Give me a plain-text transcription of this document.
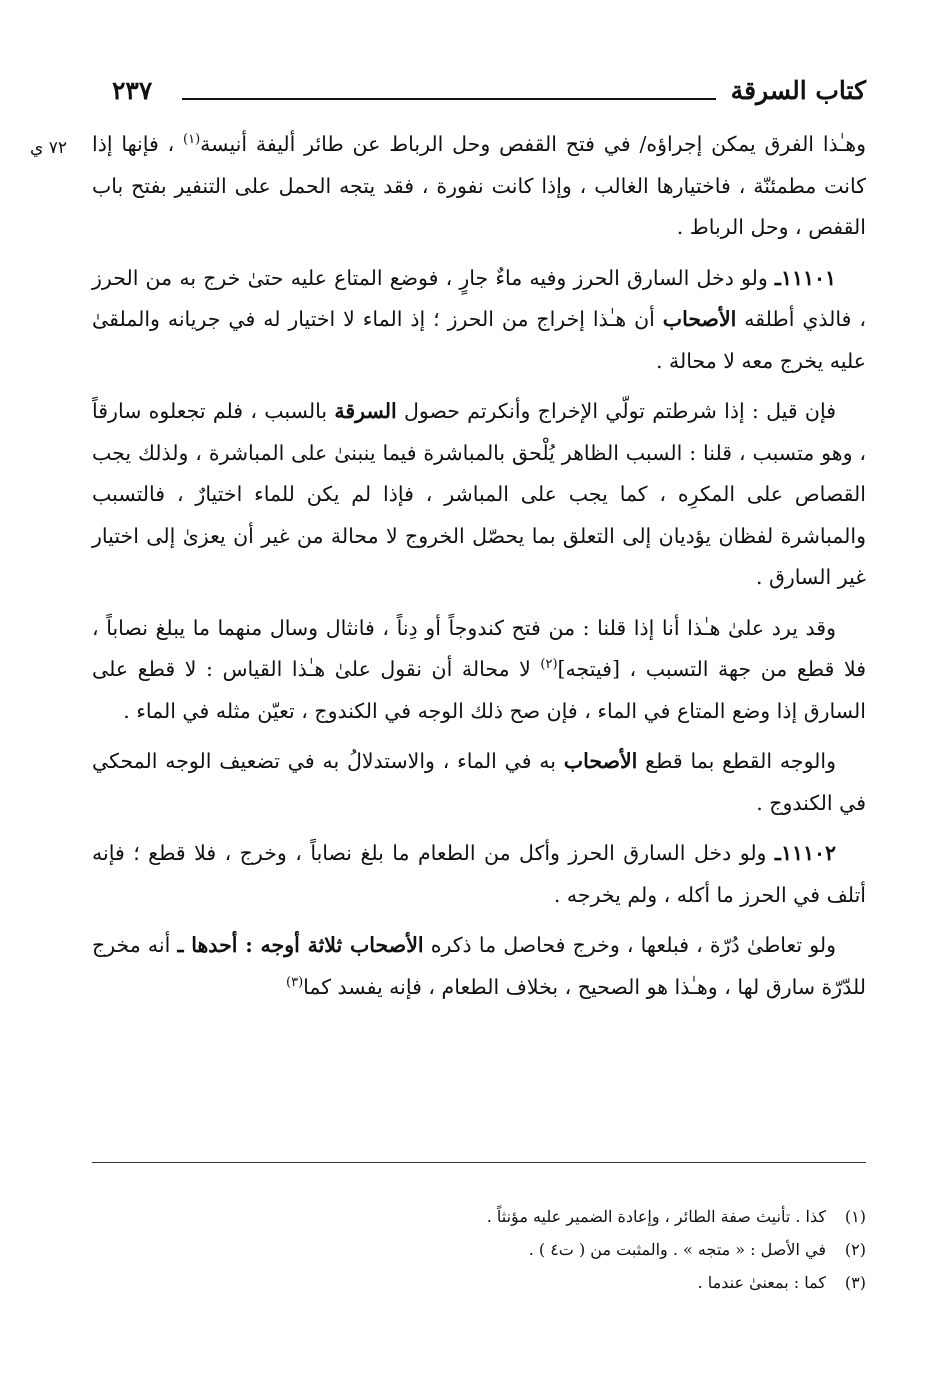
كتاب السرقة
٢٣٧
٧٢ ي	وهـٰذا الفرق يمكن إجراؤه/ في فتح القفص وحل الرباط عن طائر أليفة أنيسة$^{(١)}$ ، فإنها إذا كانت مطمئنّة ، فاختيارها الغالب ، وإذا كانت نفورة ، فقد يتجه الحمل على التنفير بفتح باب القفص ، وحل الرباط .

١١١٠١ـ ولو دخل السارق الحرز وفيه ماءٌ جارٍ ، فوضع المتاع عليه حتىٰ خرج به من الحرز ، فالذي أطلقه الأصحاب أن هـٰذا إخراج من الحرز ؛ إذ الماء لا اختيار له في جريانه والملقىٰ عليه يخرج معه لا محالة .

فإن قيل : إذا شرطتم تولّي الإخراج وأنكرتم حصول السرقة بالسبب ، فلم تجعلوه سارقاً ، وهو متسبب ، قلنا : السبب الظاهر يُلْحق بالمباشرة فيما ينبنىٰ على المباشرة ، ولذلك يجب القصاص على المكرِه ، كما يجب على المباشر ، فإذا لم يكن للماء اختيارٌ ، فالتسبب والمباشرة لفظان يؤديان إلى التعلق بما يحصّل الخروج لا محالة من غير أن يعزىٰ إلى اختيار غير السارق .

وقد يرد علىٰ هـٰذا أنا إذا قلنا : من فتح كندوجاً أو دِناً ، فانثال وسال منهما ما يبلغ نصاباً ، فلا قطع من جهة التسبب ، [فيتجه]$^{(٢)}$ لا محالة أن نقول علىٰ هـٰذا القياس : لا قطع على السارق إذا وضع المتاع في الماء ، فإن صح ذلك الوجه في الكندوج ، تعيّن مثله في الماء .

والوجه القطع بما قطع الأصحاب به في الماء ، والاستدلالُ به في تضعيف الوجه المحكي في الكندوج .

١١١٠٢ـ ولو دخل السارق الحرز وأكل من الطعام ما بلغ نصاباً ، وخرج ، فلا قطع ؛ فإنه أتلف في الحرز ما أكله ، ولم يخرجه .

ولو تعاطىٰ دُرّة ، فبلعها ، وخرج فحاصل ما ذكره الأصحاب ثلاثة أوجه : أحدها ـ أنه مخرج للدّرّة سارق لها ، وهـٰذا هو الصحيح ، بخلاف الطعام ، فإنه يفسد كما$^{(٣)}$

(١)كذا . تأنيث صفة الطائر ، وإعادة الضمير عليه مؤنثاً .
(٢)في الأصل : « متجه » . والمثبت من ( ت٤ ) .
(٣)كما : بمعنىٰ عندما .
